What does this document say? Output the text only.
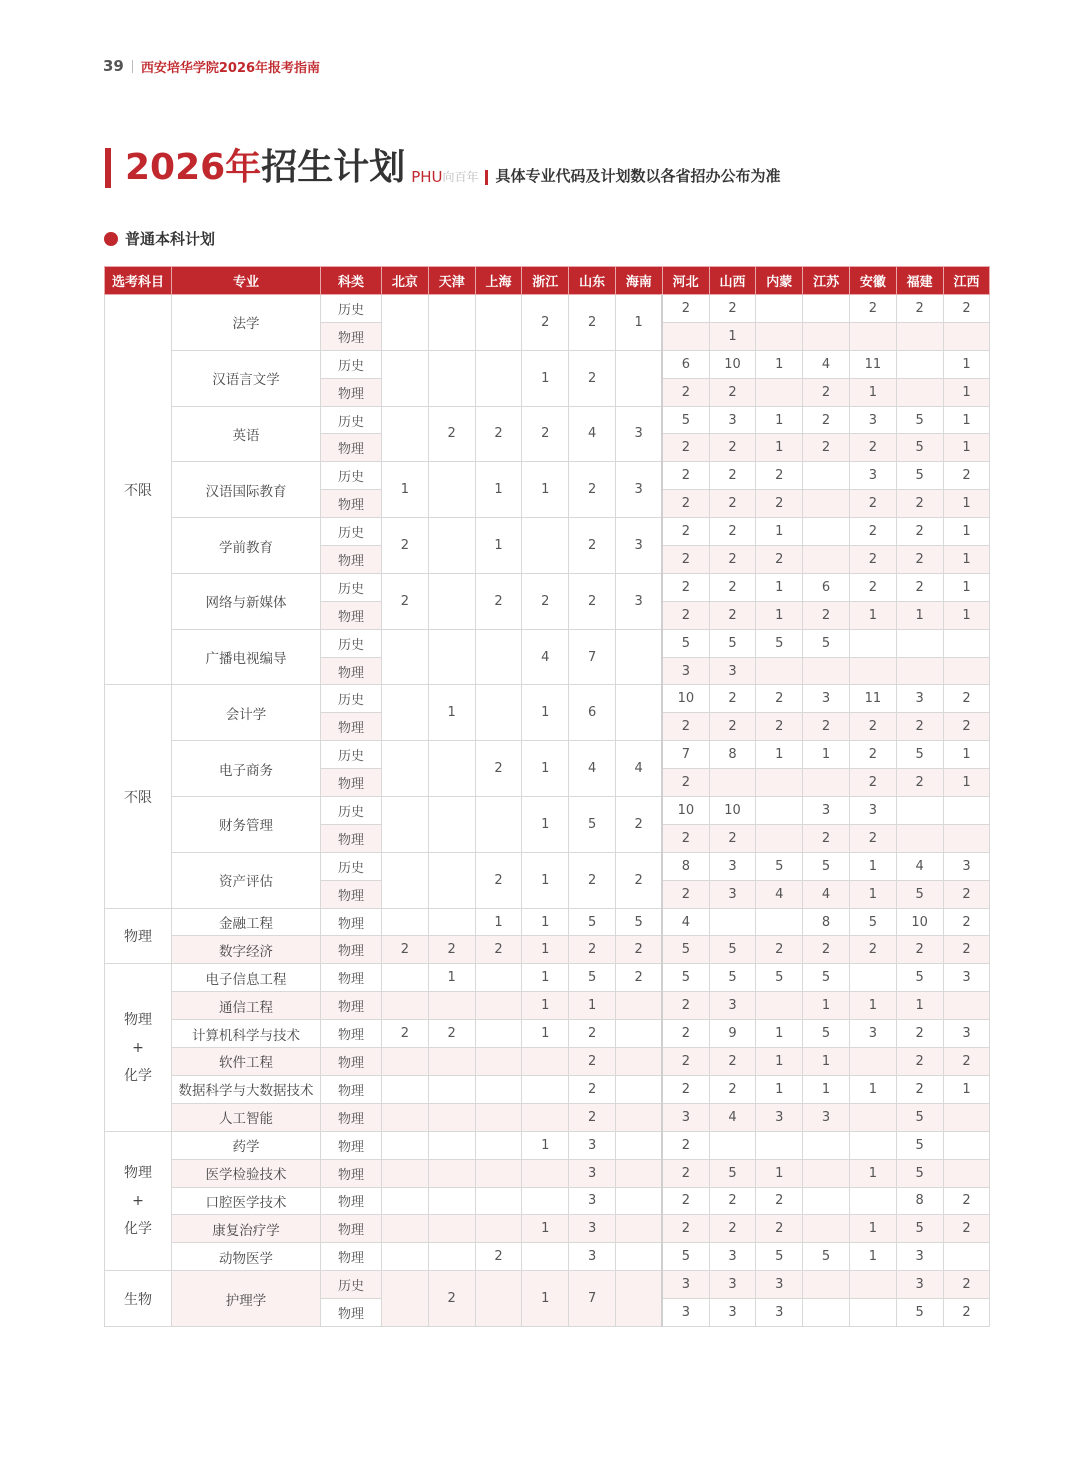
39 西安培华学院2026年报考指南
2026年 招生计划 PHU 向百年 具体专业代码及计划数以各省招办公布为准
普通本科计划
选考科目	专业	科类	北京	天津	上海	浙江	山东	海南	河北	山西	内蒙	江苏	安徽	福建	江西
不限	法学	历史				2	2	1	2	2			2	2	2
		物理								1					
	汉语言文学	历史				1	2		6	10	1	4	11		1
		物理							2	2		2	1		1
	英语	历史		2	2	2	4	3	5	3	1	2	3	5	1
		物理							2	2	1	2	2	5	1
	汉语国际教育	历史	1		1	1	2	3	2	2	2		3	5	2
		物理							2	2	2		2	2	1
	学前教育	历史	2		1		2	3	2	2	1		2	2	1
		物理							2	2	2		2	2	1
	网络与新媒体	历史	2		2	2	2	3	2	2	1	6	2	2	1
		物理							2	2	1	2	1	1	1
	广播电视编导	历史				4	7		5	5	5	5			
		物理							3	3					
不限	会计学	历史		1		1	6		10	2	2	3	11	3	2
		物理							2	2	2	2	2	2	2
	电子商务	历史			2	1	4	4	7	8	1	1	2	5	1
		物理							2				2	2	1
	财务管理	历史				1	5	2	10	10		3	3		
		物理							2	2		2	2		
	资产评估	历史			2	1	2	2	8	3	5	5	1	4	3
		物理							2	3	4	4	1	5	2
物理	金融工程	物理			1	1	5	5	4			8	5	10	2
	数字经济	物理	2	2	2	1	2	2	5	5	2	2	2	2	2

物理
+
化学	电子信息工程	物理		1		1	5	2	5	5	5	5		5	3
	通信工程	物理				1	1		2	3		1	1	1	
	计算机科学与技术	物理	2	2		1	2		2	9	1	5	3	2	3
	软件工程	物理					2		2	2	1	1		2	2
	数据科学与大数据技术	物理					2		2	2	1	1	1	2	1
	人工智能	物理					2		3	4	3	3		5	

物理
+
化学	药学	物理				1	3		2					5	
	医学检验技术	物理					3		2	5	1		1	5	
	口腔医学技术	物理					3		2	2	2			8	2
	康复治疗学	物理				1	3		2	2	2		1	5	2
	动物医学	物理			2		3		5	3	5	5	1	3	
生物	护理学	历史		2		1	7		3	3	3			3	2
		物理							3	3	3			5	2
